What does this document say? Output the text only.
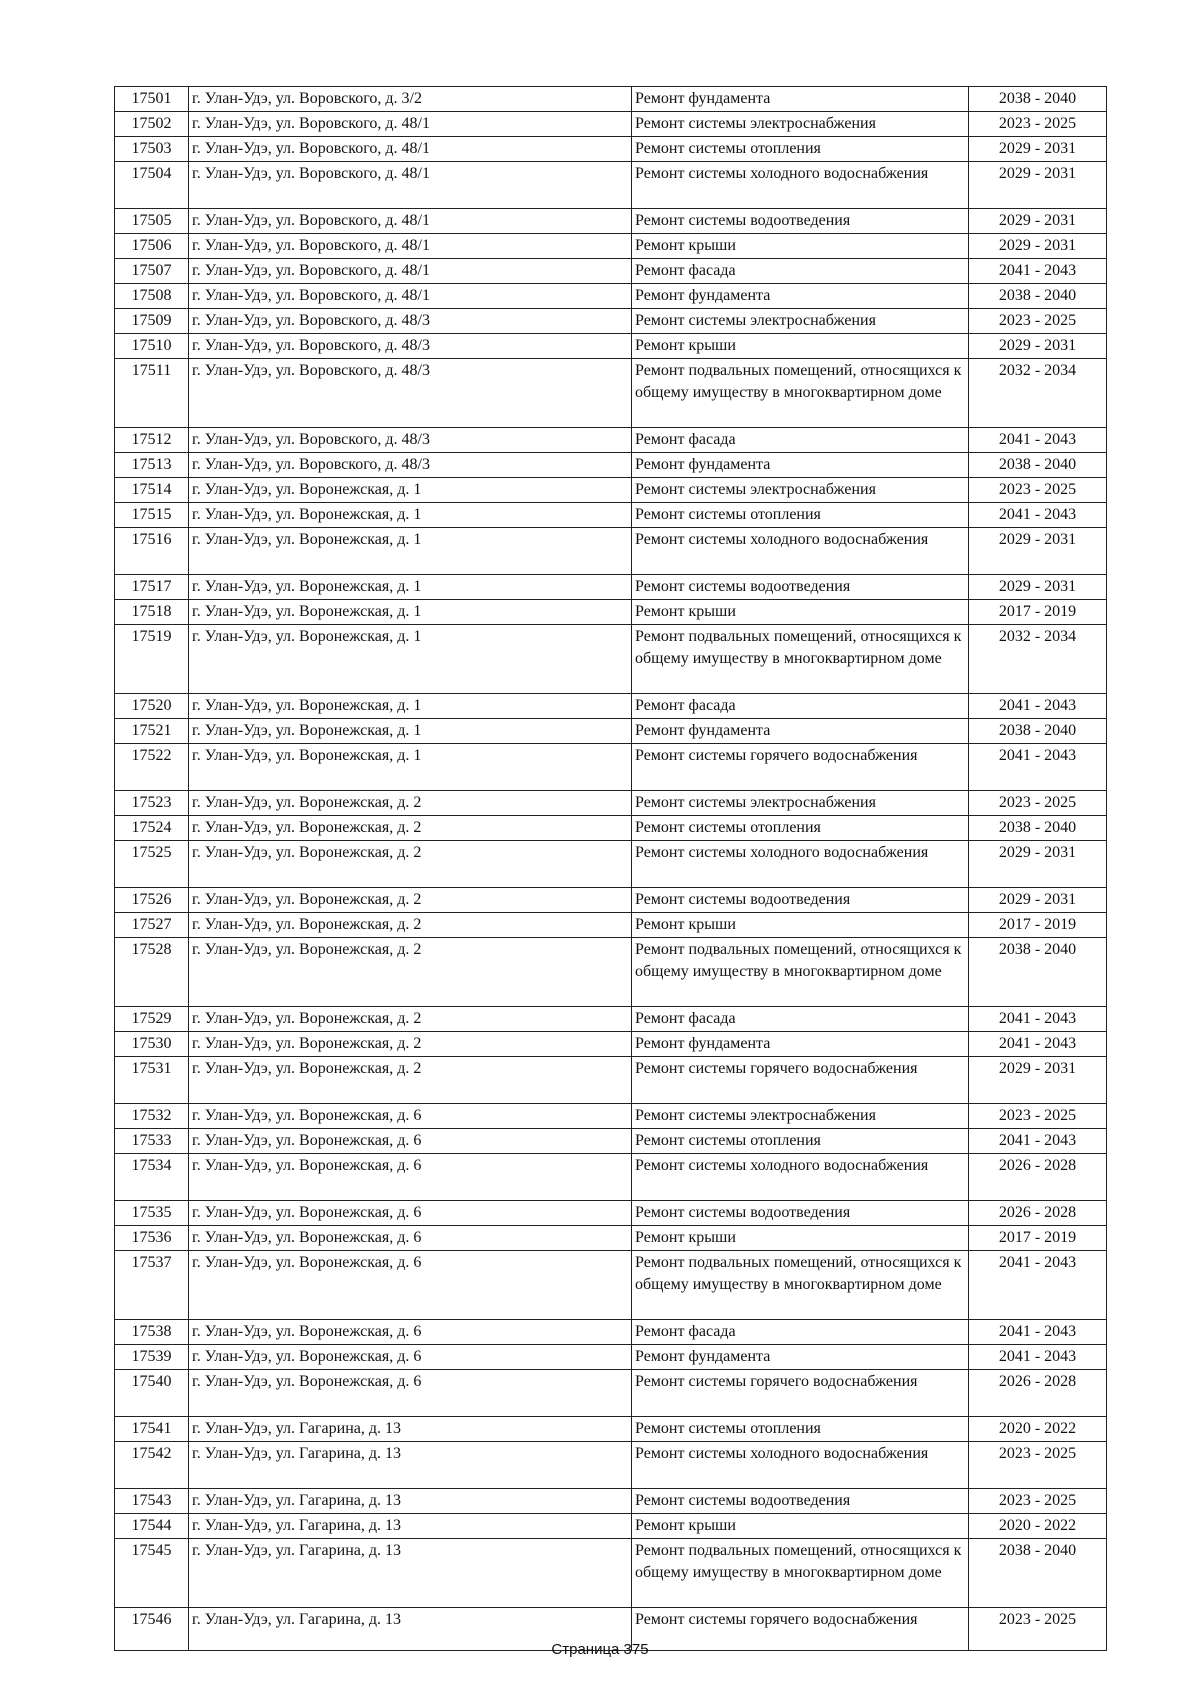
17501	г. Улан-Удэ, ул. Воровского, д. 3/2	Ремонт фундамента	2038 - 2040
17502	г. Улан-Удэ, ул. Воровского, д. 48/1	Ремонт системы электроснабжения	2023 - 2025
17503	г. Улан-Удэ, ул. Воровского, д. 48/1	Ремонт системы отопления	2029 - 2031
17504	г. Улан-Удэ, ул. Воровского, д. 48/1	Ремонт системы холодного водоснабжения	2029 - 2031
17505	г. Улан-Удэ, ул. Воровского, д. 48/1	Ремонт системы водоотведения	2029 - 2031
17506	г. Улан-Удэ, ул. Воровского, д. 48/1	Ремонт крыши	2029 - 2031
17507	г. Улан-Удэ, ул. Воровского, д. 48/1	Ремонт фасада	2041 - 2043
17508	г. Улан-Удэ, ул. Воровского, д. 48/1	Ремонт фундамента	2038 - 2040
17509	г. Улан-Удэ, ул. Воровского, д. 48/3	Ремонт системы электроснабжения	2023 - 2025
17510	г. Улан-Удэ, ул. Воровского, д. 48/3	Ремонт крыши	2029 - 2031
17511	г. Улан-Удэ, ул. Воровского, д. 48/3	Ремонт подвальных помещений, относящихся к общему имуществу в многоквартирном доме	2032 - 2034
17512	г. Улан-Удэ, ул. Воровского, д. 48/3	Ремонт фасада	2041 - 2043
17513	г. Улан-Удэ, ул. Воровского, д. 48/3	Ремонт фундамента	2038 - 2040
17514	г. Улан-Удэ, ул. Воронежская, д. 1	Ремонт системы электроснабжения	2023 - 2025
17515	г. Улан-Удэ, ул. Воронежская, д. 1	Ремонт системы отопления	2041 - 2043
17516	г. Улан-Удэ, ул. Воронежская, д. 1	Ремонт системы холодного водоснабжения	2029 - 2031
17517	г. Улан-Удэ, ул. Воронежская, д. 1	Ремонт системы водоотведения	2029 - 2031
17518	г. Улан-Удэ, ул. Воронежская, д. 1	Ремонт крыши	2017 - 2019
17519	г. Улан-Удэ, ул. Воронежская, д. 1	Ремонт подвальных помещений, относящихся к общему имуществу в многоквартирном доме	2032 - 2034
17520	г. Улан-Удэ, ул. Воронежская, д. 1	Ремонт фасада	2041 - 2043
17521	г. Улан-Удэ, ул. Воронежская, д. 1	Ремонт фундамента	2038 - 2040
17522	г. Улан-Удэ, ул. Воронежская, д. 1	Ремонт системы горячего водоснабжения	2041 - 2043
17523	г. Улан-Удэ, ул. Воронежская, д. 2	Ремонт системы электроснабжения	2023 - 2025
17524	г. Улан-Удэ, ул. Воронежская, д. 2	Ремонт системы отопления	2038 - 2040
17525	г. Улан-Удэ, ул. Воронежская, д. 2	Ремонт системы холодного водоснабжения	2029 - 2031
17526	г. Улан-Удэ, ул. Воронежская, д. 2	Ремонт системы водоотведения	2029 - 2031
17527	г. Улан-Удэ, ул. Воронежская, д. 2	Ремонт крыши	2017 - 2019
17528	г. Улан-Удэ, ул. Воронежская, д. 2	Ремонт подвальных помещений, относящихся к общему имуществу в многоквартирном доме	2038 - 2040
17529	г. Улан-Удэ, ул. Воронежская, д. 2	Ремонт фасада	2041 - 2043
17530	г. Улан-Удэ, ул. Воронежская, д. 2	Ремонт фундамента	2041 - 2043
17531	г. Улан-Удэ, ул. Воронежская, д. 2	Ремонт системы горячего водоснабжения	2029 - 2031
17532	г. Улан-Удэ, ул. Воронежская, д. 6	Ремонт системы электроснабжения	2023 - 2025
17533	г. Улан-Удэ, ул. Воронежская, д. 6	Ремонт системы отопления	2041 - 2043
17534	г. Улан-Удэ, ул. Воронежская, д. 6	Ремонт системы холодного водоснабжения	2026 - 2028
17535	г. Улан-Удэ, ул. Воронежская, д. 6	Ремонт системы водоотведения	2026 - 2028
17536	г. Улан-Удэ, ул. Воронежская, д. 6	Ремонт крыши	2017 - 2019
17537	г. Улан-Удэ, ул. Воронежская, д. 6	Ремонт подвальных помещений, относящихся к общему имуществу в многоквартирном доме	2041 - 2043
17538	г. Улан-Удэ, ул. Воронежская, д. 6	Ремонт фасада	2041 - 2043
17539	г. Улан-Удэ, ул. Воронежская, д. 6	Ремонт фундамента	2041 - 2043
17540	г. Улан-Удэ, ул. Воронежская, д. 6	Ремонт системы горячего водоснабжения	2026 - 2028
17541	г. Улан-Удэ, ул. Гагарина, д. 13	Ремонт системы отопления	2020 - 2022
17542	г. Улан-Удэ, ул. Гагарина, д. 13	Ремонт системы холодного водоснабжения	2023 - 2025
17543	г. Улан-Удэ, ул. Гагарина, д. 13	Ремонт системы водоотведения	2023 - 2025
17544	г. Улан-Удэ, ул. Гагарина, д. 13	Ремонт крыши	2020 - 2022
17545	г. Улан-Удэ, ул. Гагарина, д. 13	Ремонт подвальных помещений, относящихся к общему имуществу в многоквартирном доме	2038 - 2040
17546	г. Улан-Удэ, ул. Гагарина, д. 13	Ремонт системы горячего водоснабжения	2023 - 2025
Страница 375
